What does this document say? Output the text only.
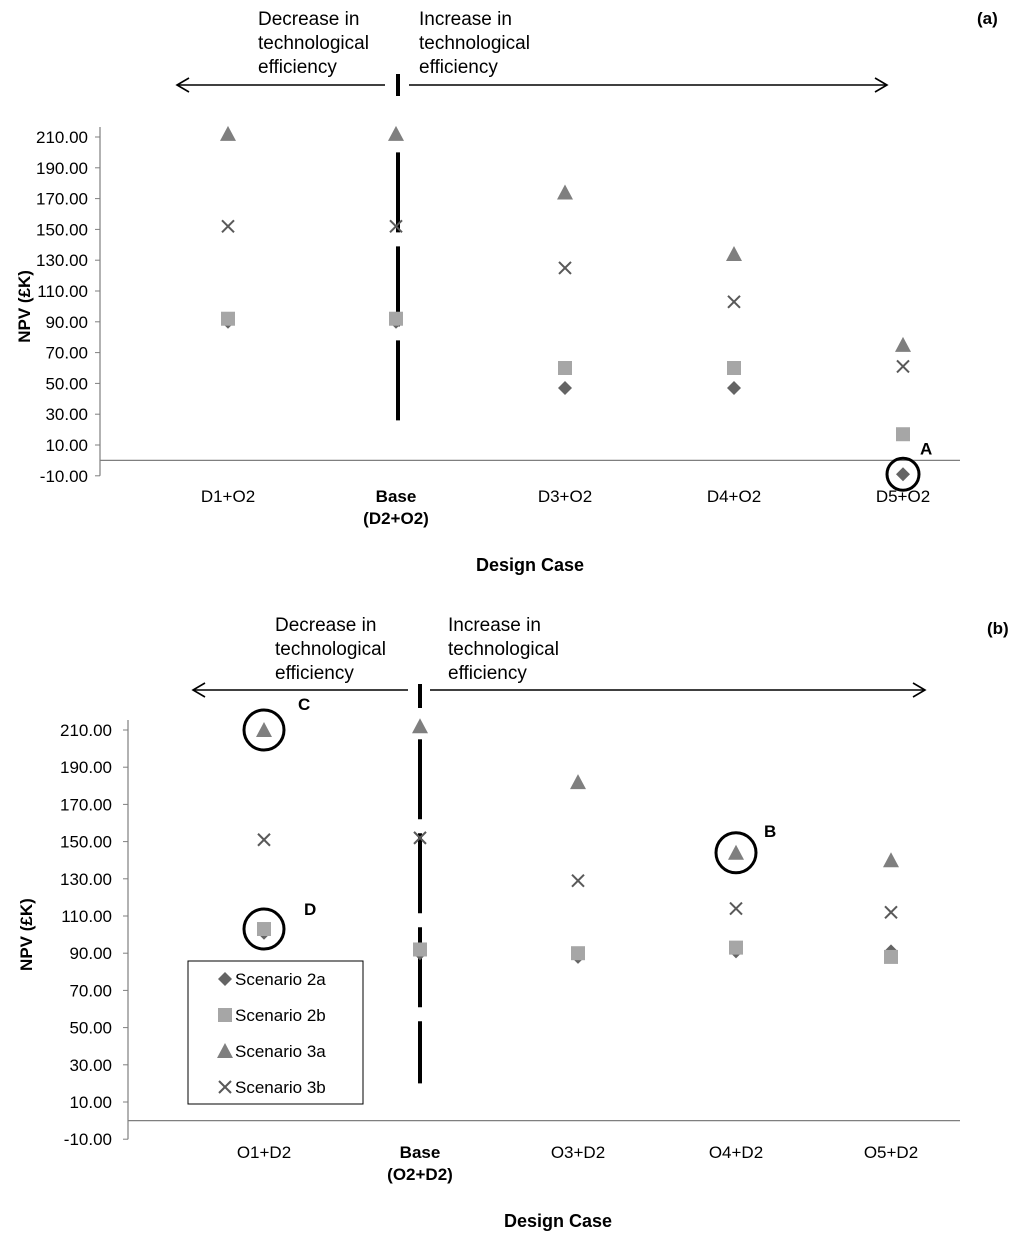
(a)
210.00
190.00
170.00
150.00
130.00
110.00
90.00
70.00
50.00
30.00
10.00
-10.00
Design Case
NPV (£K)
D1+O2	Base
(D2+O2)
D3+O2	D4+O2	D5+O2
Decrease in
technological
efficiency
Increase in
technological
efficiency
A
(b)
210.00
190.00
170.00
150.00
130.00
110.00
90.00
70.00
50.00
30.00
10.00
-10.00
Design Case
NPV (£K)
O1+D2	Base
(O2+D2)
O3+D2	O4+D2	O5+D2
Decrease in
technological
efficiency
Increase in
technological
efficiency
C
D
B
Scenario 2a
Scenario 2b
Scenario 3a
Scenario 3b
